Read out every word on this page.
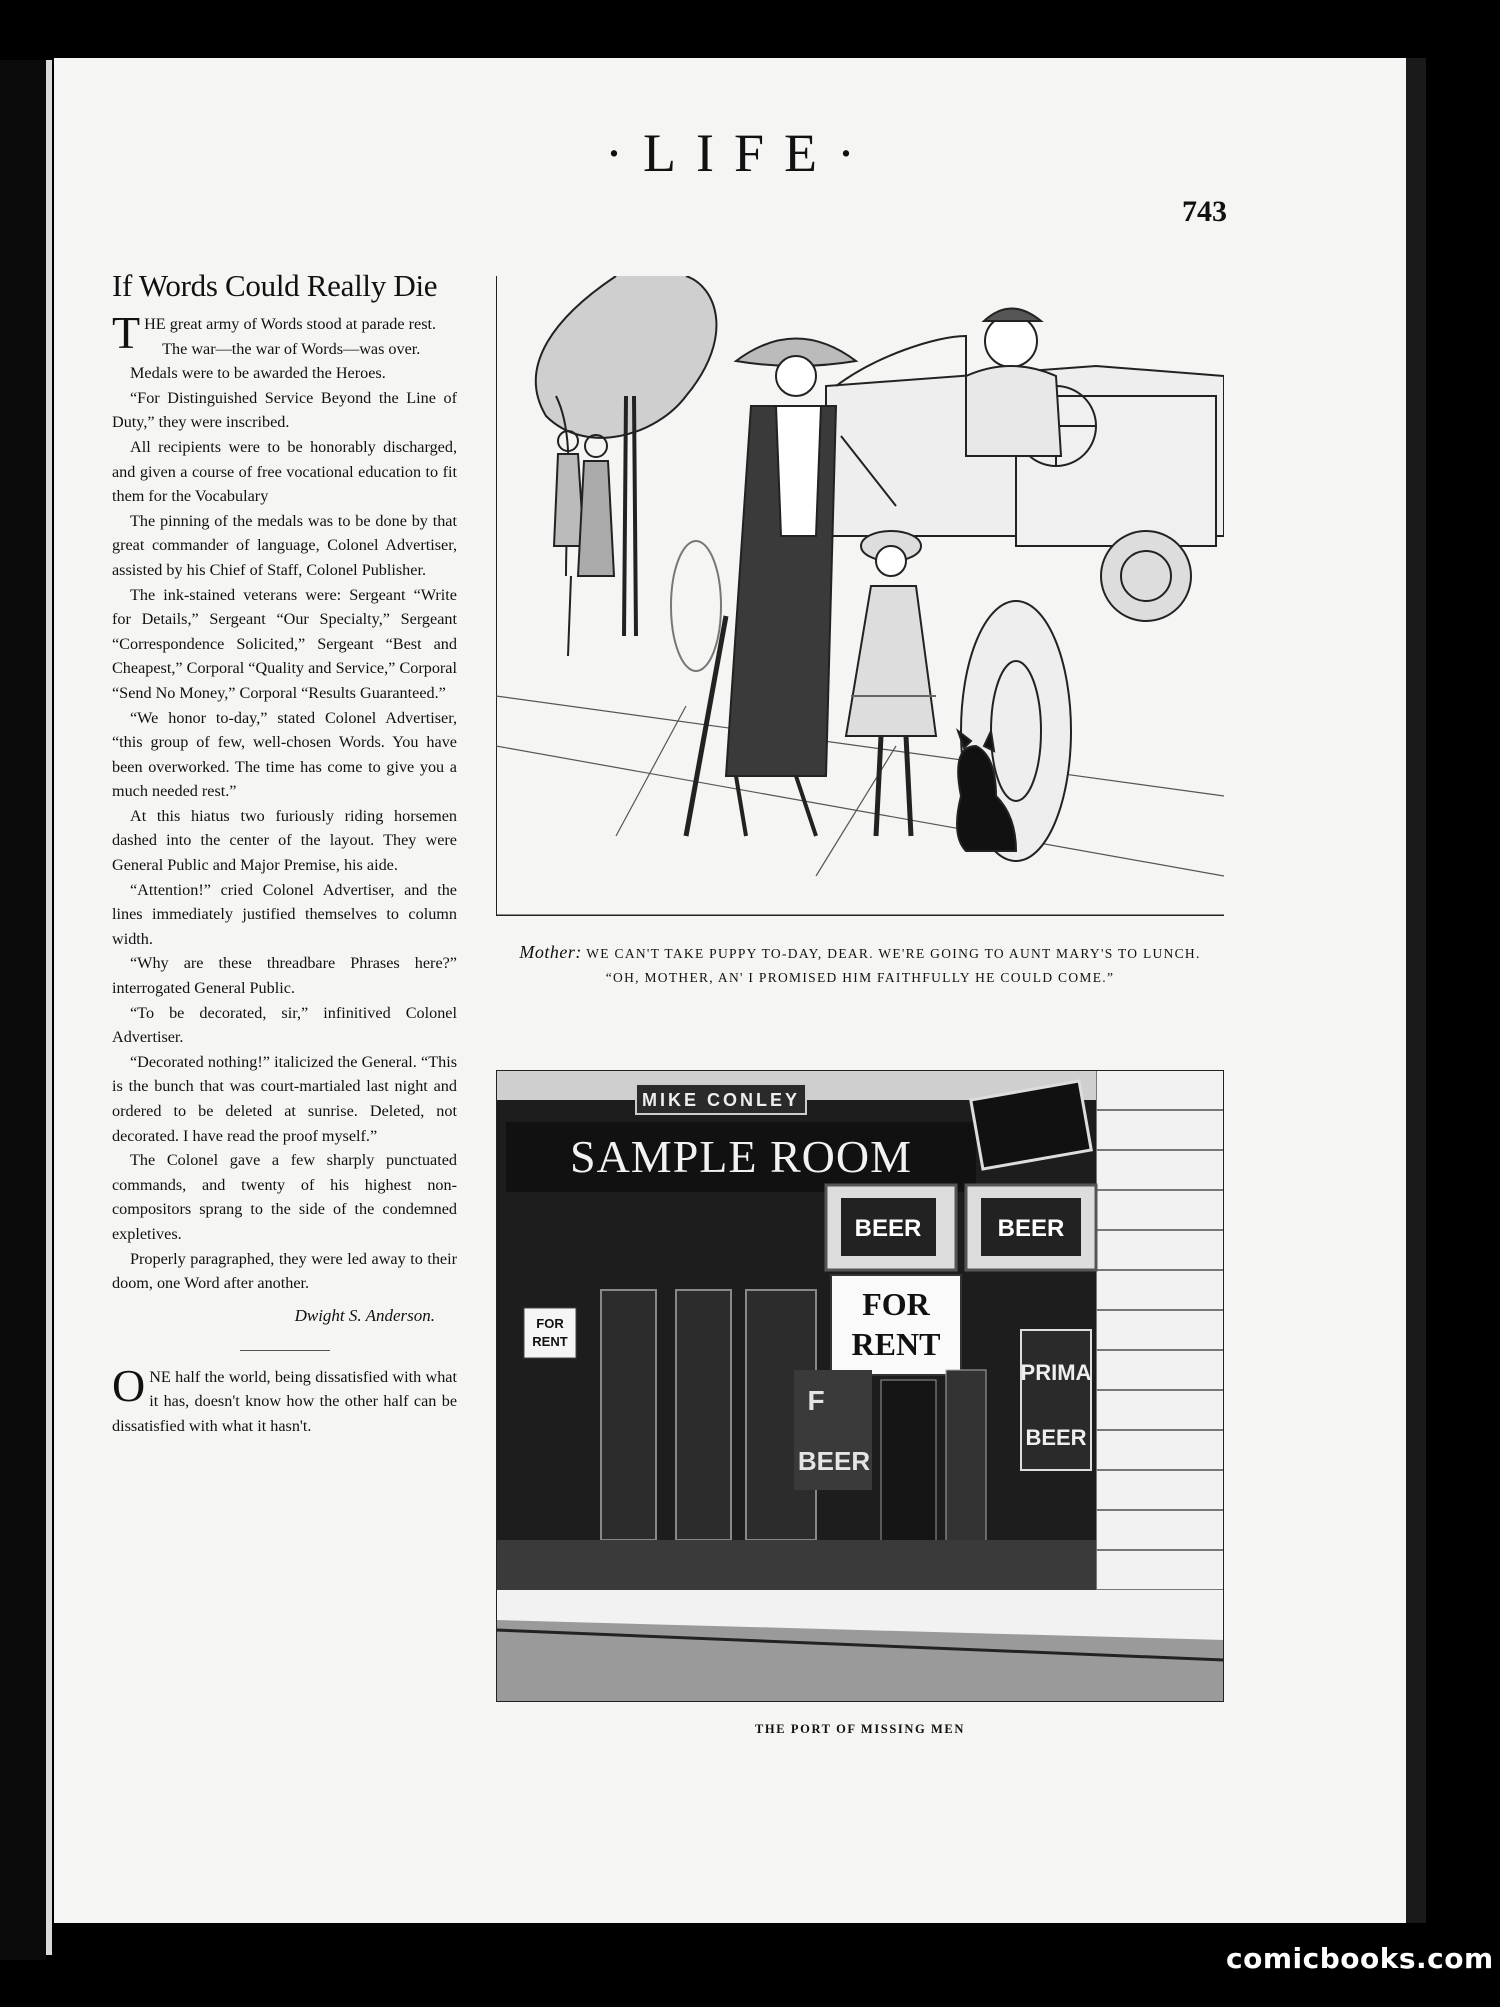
·LIFE·
743
If Words Could Really Die

THE great army of Words stood at parade rest.

The war—the war of Words—was over.

Medals were to be awarded the Heroes.

“For Distinguished Service Beyond the Line of Duty,” they were inscribed.

All recipients were to be honorably discharged, and given a course of free vocational education to fit them for the Vocabulary

The pinning of the medals was to be done by that great commander of language, Colonel Advertiser, assisted by his Chief of Staff, Colonel Publisher.

The ink-stained veterans were: Sergeant “Write for Details,” Sergeant “Our Specialty,” Sergeant “Correspondence Solicited,” Sergeant “Best and Cheapest,” Corporal “Quality and Service,” Corporal “Send No Money,” Corporal “Results Guaranteed.”

“We honor to-day,” stated Colonel Advertiser, “this group of few, well-chosen Words. You have been overworked. The time has come to give you a much needed rest.”

At this hiatus two furiously riding horsemen dashed into the center of the layout. They were General Public and Major Premise, his aide.

“Attention!” cried Colonel Advertiser, and the lines immediately justified themselves to column width.

“Why are these threadbare Phrases here?” interrogated General Public.

“To be decorated, sir,” infinitived Colonel Advertiser.

“Decorated nothing!” italicized the General. “This is the bunch that was court-martialed last night and ordered to be deleted at sunrise. Deleted, not decorated. I have read the proof myself.”

The Colonel gave a few sharply punctuated commands, and twenty of his highest non-compositors sprang to the side of the condemned expletives.

Properly paragraphed, they were led away to their doom, one Word after another.

Dwight S. Anderson.

ONE half the world, being dissatisfied with what it has, doesn't know how the other half can be dissatisfied with what it hasn't.

Mother: WE CAN'T TAKE PUPPY TO-DAY, DEAR. WE'RE GOING TO AUNT MARY'S TO LUNCH.
“OH, MOTHER, AN' I PROMISED HIM FAITHFULLY HE COULD COME.”
MIKE CONLEY
SAMPLE ROOM
BEER	BEER
FOR
RENT
FOR
RENT
F
BEER
PRIMA
BEER
THE PORT OF MISSING MEN
comicbooks.com
